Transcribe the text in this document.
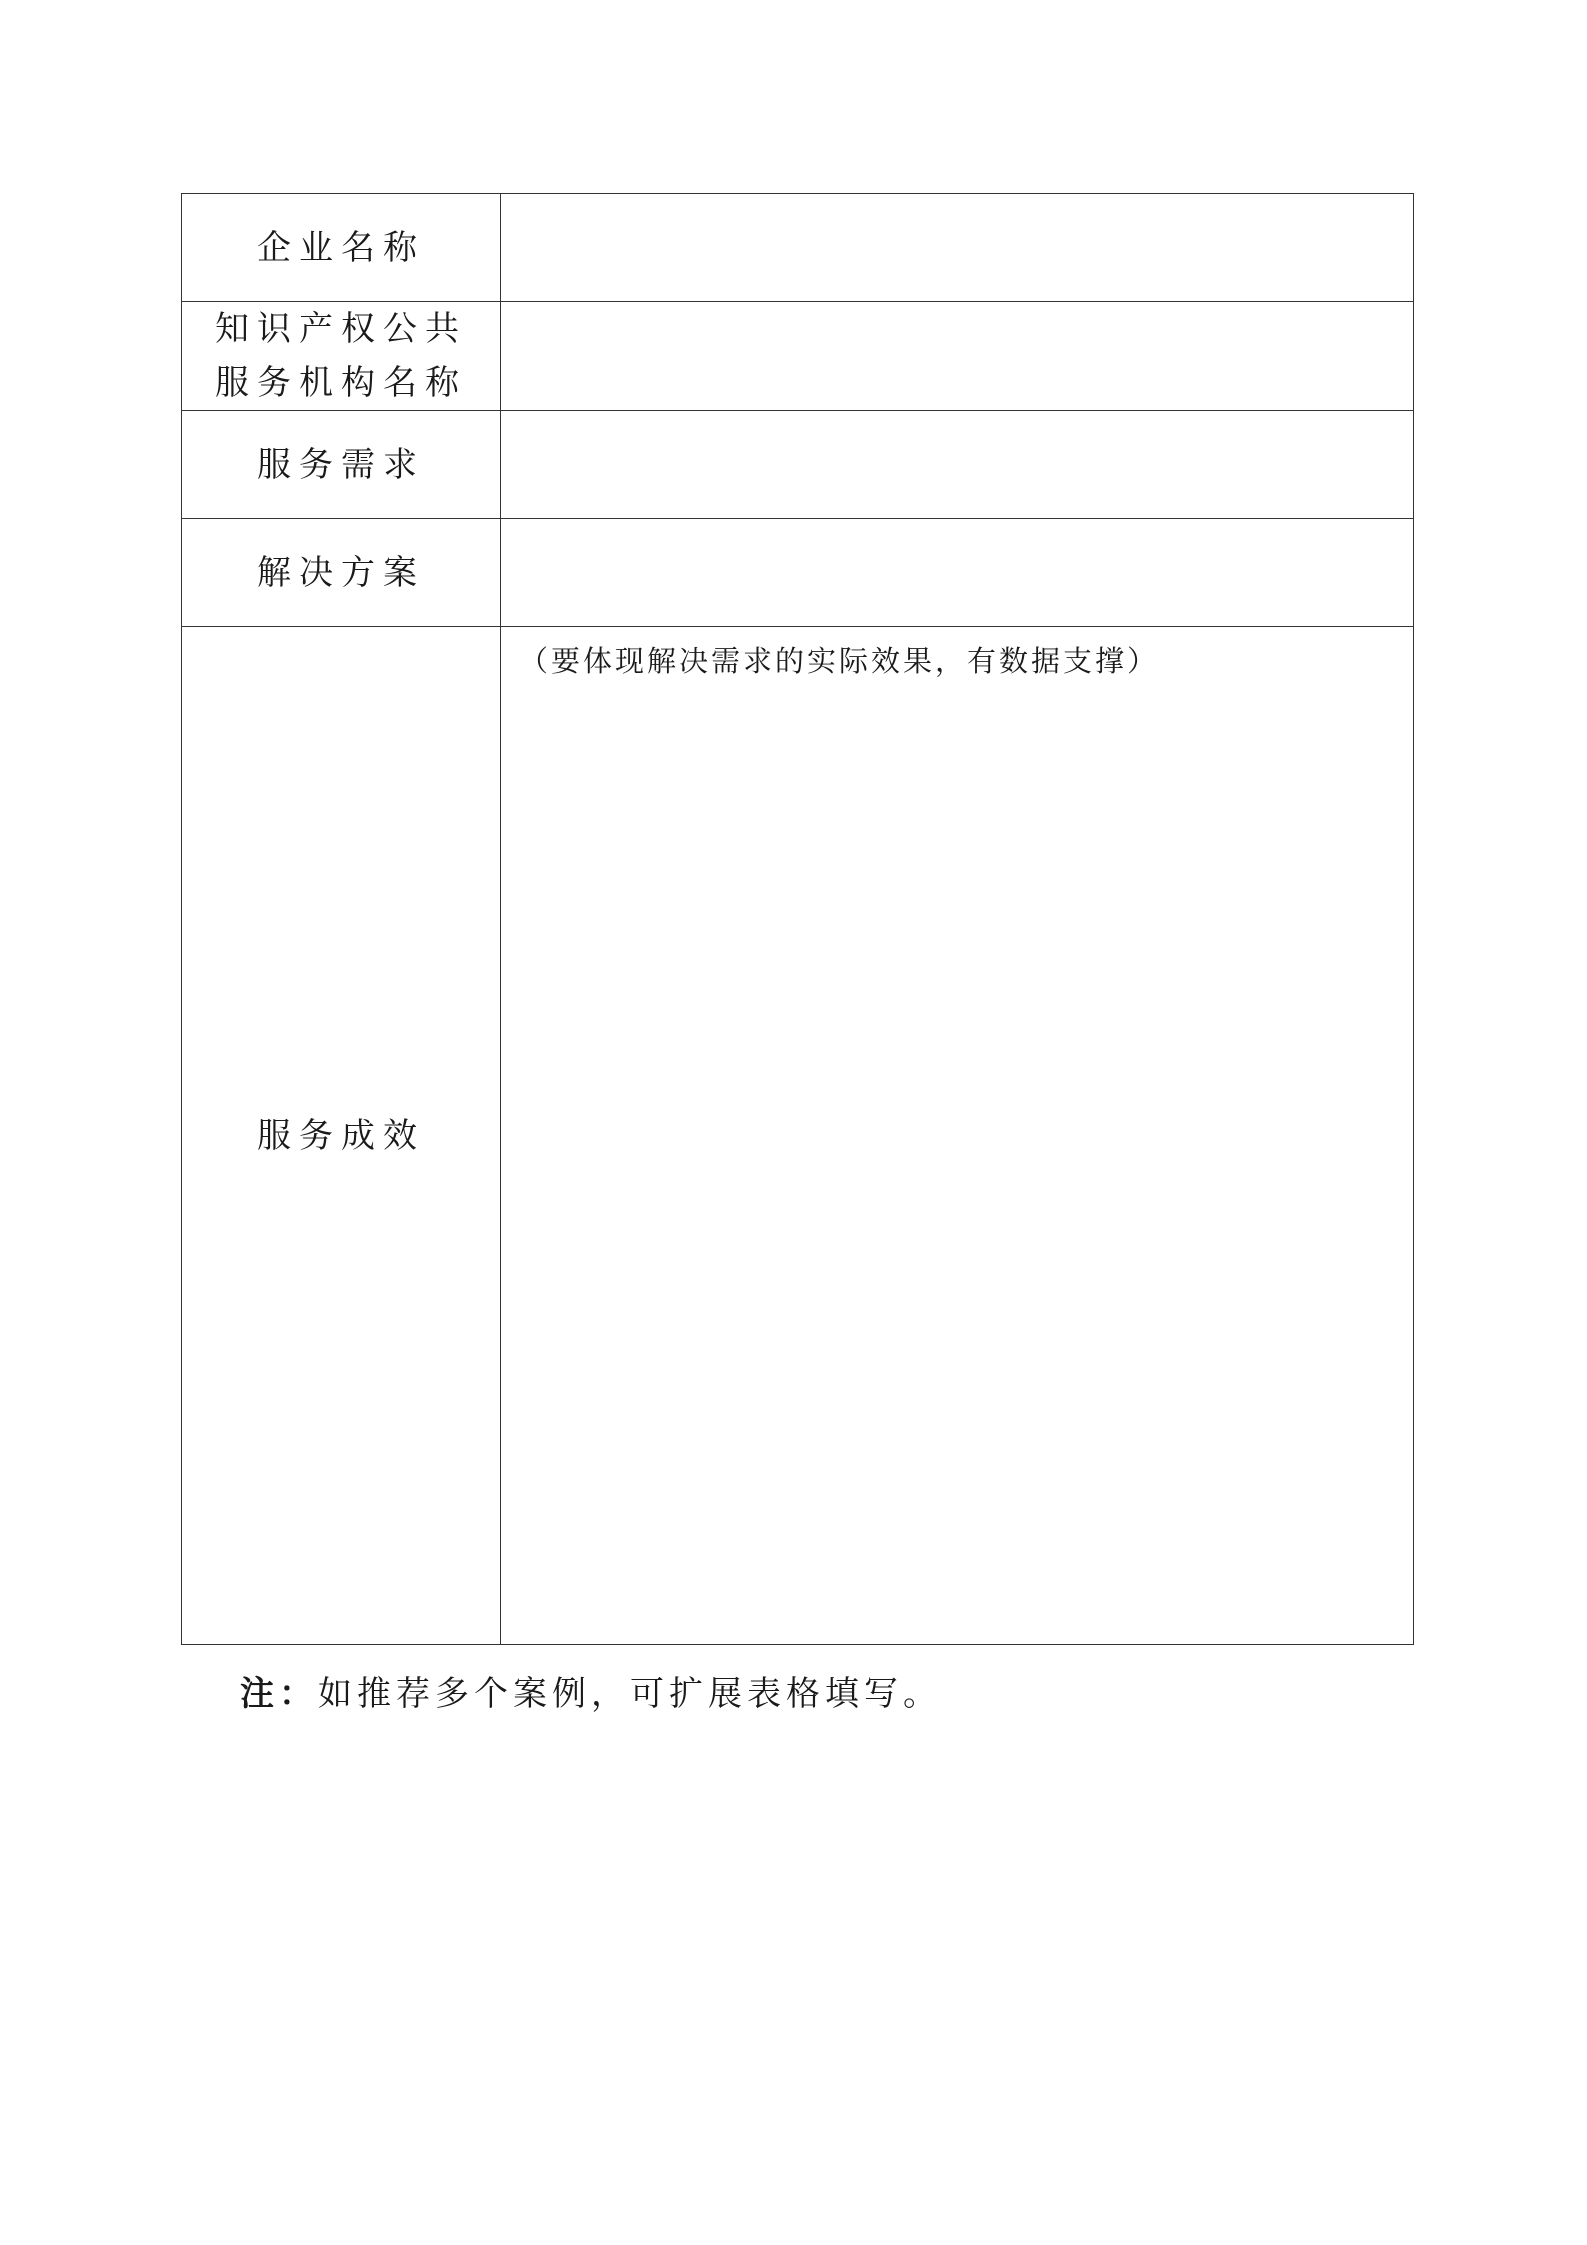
企业名称	
知识产权公共
服务机构名称	
服务需求	
解决方案	
服务成效	（要体现解决需求的实际效果，有数据支撑）
注：如推荐多个案例，可扩展表格填写。
